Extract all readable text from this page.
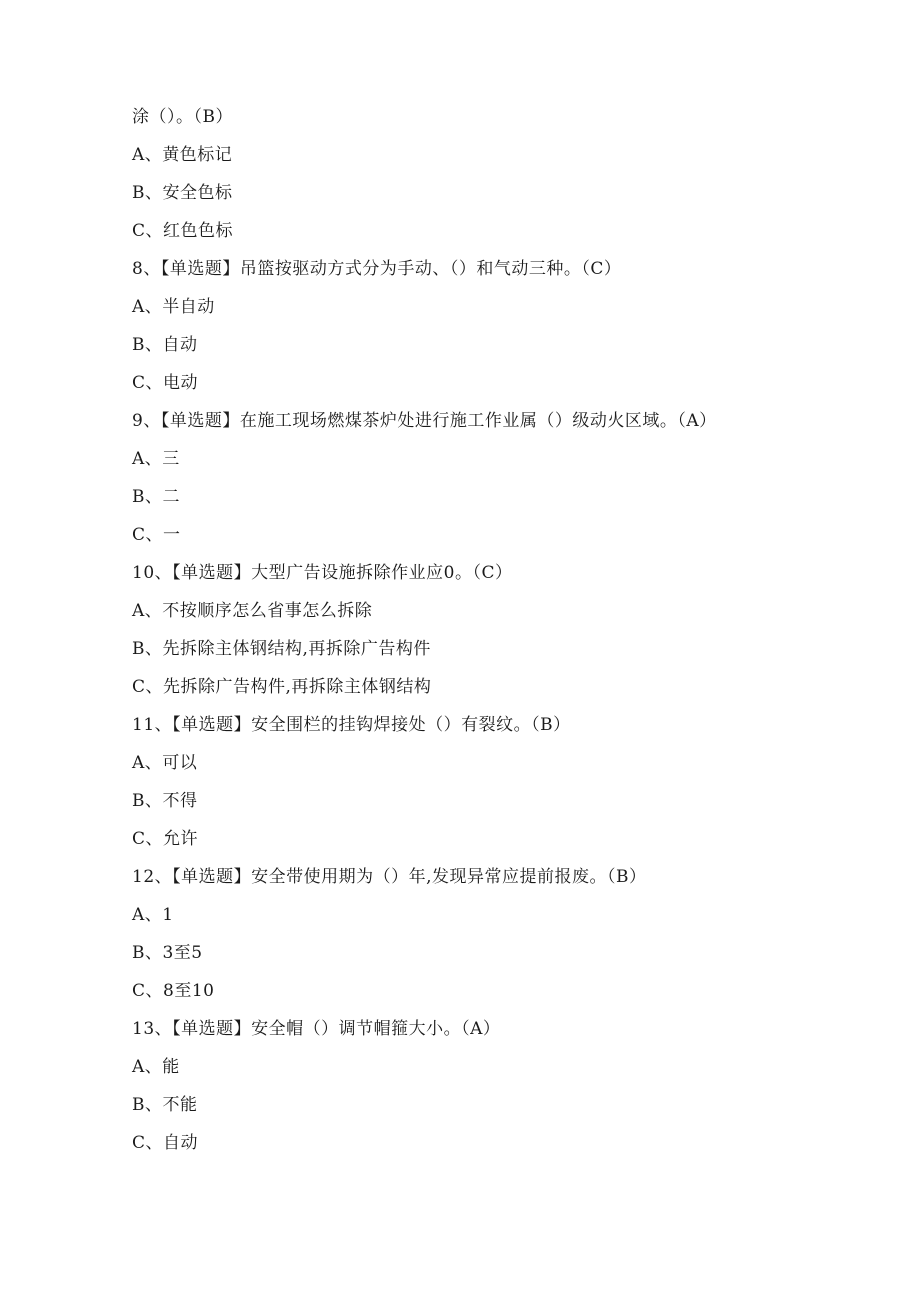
涂（）。（B）
A、黄色标记
B、安全色标
C、红色色标
8、【单选题】吊篮按驱动方式分为手动、（）和气动三种。（C）
A、半自动
B、自动
C、电动
9、【单选题】在施工现场燃煤茶炉处进行施工作业属（）级动火区域。（A）
A、三
B、二
C、一
10、【单选题】大型广告设施拆除作业应0。（C）
A、不按顺序怎么省事怎么拆除
B、先拆除主体钢结构,再拆除广告构件
C、先拆除广告构件,再拆除主体钢结构
11、【单选题】安全围栏的挂钩焊接处（）有裂纹。（B）
A、可以
B、不得
C、允许
12、【单选题】安全带使用期为（）年,发现异常应提前报废。（B）
A、1
B、3至5
C、8至10
13、【单选题】安全帽（）调节帽箍大小。（A）
A、能
B、不能
C、自动
